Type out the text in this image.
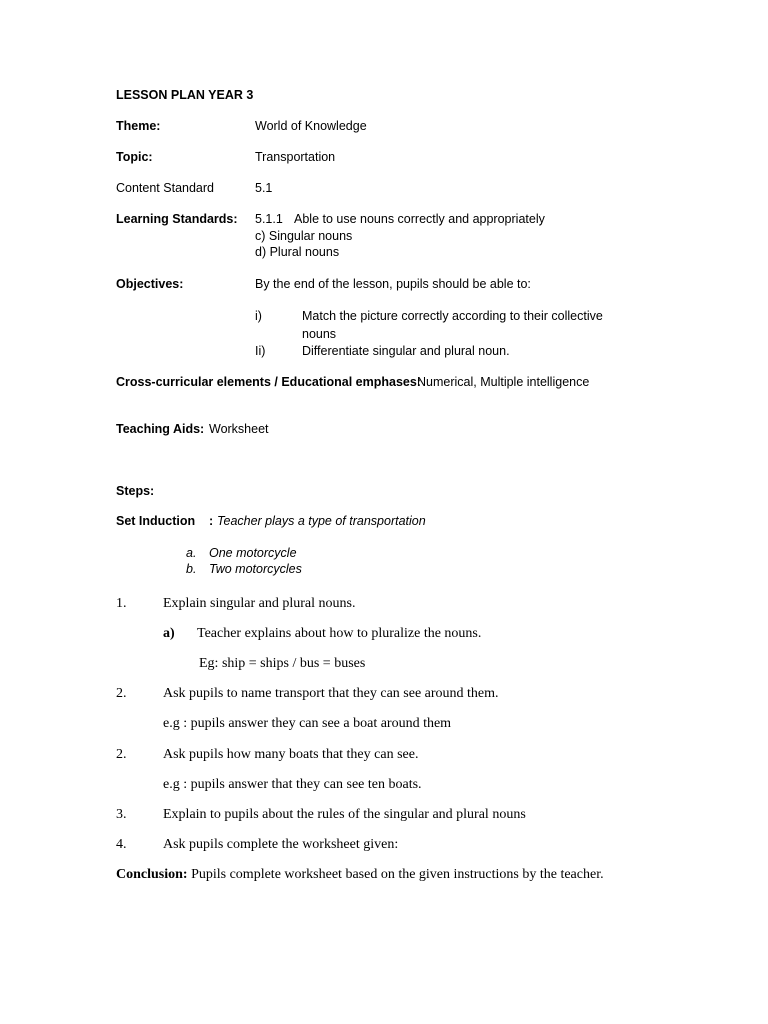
LESSON PLAN YEAR 3
Theme:	World of Knowledge
Topic:	Transportation
Content Standard	5.1
Learning Standards: 5.1.1 Able to use nouns correctly and appropriately
c) Singular nouns
d) Plural nouns
Objectives:	By the end of the lesson, pupils should be able to:
i)	Match the picture correctly according to their collective
nouns
Ii)	Differentiate singular and plural noun.
Cross-curricular elements / Educational emphases:
Numerical, Multiple intelligence
Teaching Aids: Worksheet
Steps:
Set Induction : Teacher plays a type of transportation
a. One motorcycle
b. Two motorcycles
1.	Explain singular and plural nouns.
a) Teacher explains about how to pluralize the nouns.
Eg: ship = ships / bus = buses
2.	Ask pupils to name transport that they can see around them.
e.g : pupils answer they can see a boat around them
2.	Ask pupils how many boats that they can see.
e.g : pupils answer that they can see ten boats.
3.	Explain to pupils about the rules of the singular and plural nouns
4.	Ask pupils complete the worksheet given:
Conclusion: Pupils complete worksheet based on the given instructions by the teacher.
